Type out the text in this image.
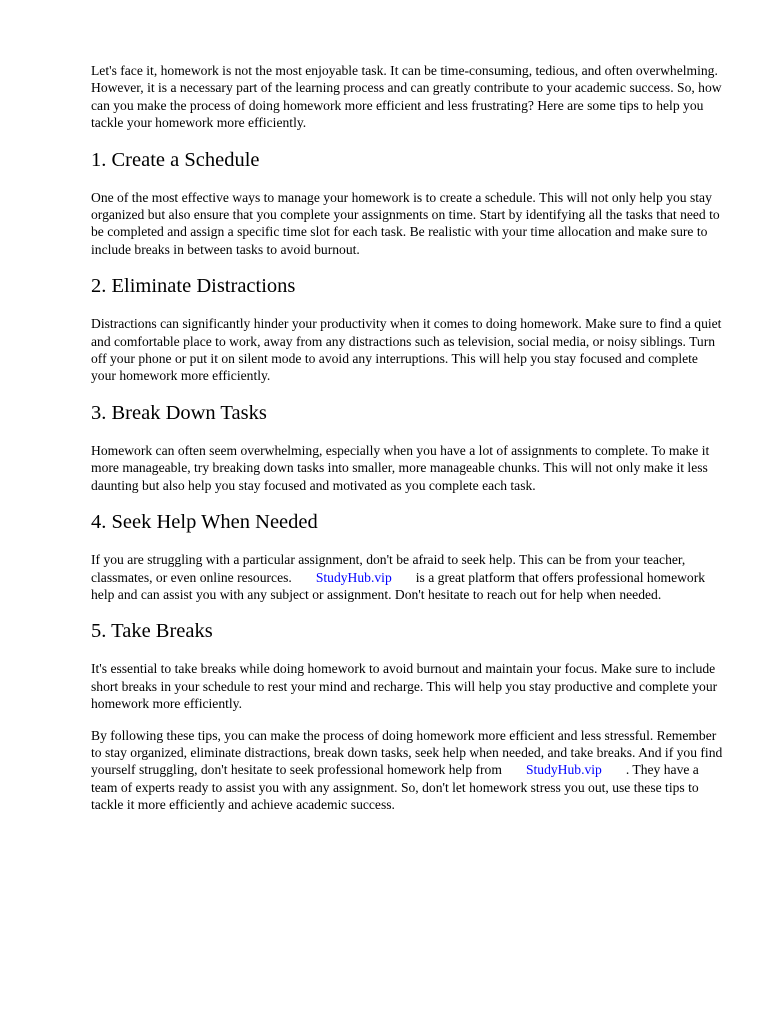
Let's face it, homework is not the most enjoyable task. It can be time-consuming, tedious, and often overwhelming. However, it is a necessary part of the learning process and can greatly contribute to your academic success. So, how can you make the process of doing homework more efficient and less frustrating? Here are some tips to help you tackle your homework more efficiently.

1. Create a Schedule

One of the most effective ways to manage your homework is to create a schedule. This will not only help you stay organized but also ensure that you complete your assignments on time. Start by identifying all the tasks that need to be completed and assign a specific time slot for each task. Be realistic with your time allocation and make sure to include breaks in between tasks to avoid burnout.

2. Eliminate Distractions

Distractions can significantly hinder your productivity when it comes to doing homework. Make sure to find a quiet and comfortable place to work, away from any distractions such as television, social media, or noisy siblings. Turn off your phone or put it on silent mode to avoid any interruptions. This will help you stay focused and complete your homework more efficiently.

3. Break Down Tasks

Homework can often seem overwhelming, especially when you have a lot of assignments to complete. To make it more manageable, try breaking down tasks into smaller, more manageable chunks. This will not only make it less daunting but also help you stay focused and motivated as you complete each task.

4. Seek Help When Needed

If you are struggling with a particular assignment, don't be afraid to seek help. This can be from your teacher, classmates, or even online resources. StudyHub.vip is a great platform that offers professional homework help and can assist you with any subject or assignment. Don't hesitate to reach out for help when needed.

5. Take Breaks

It's essential to take breaks while doing homework to avoid burnout and maintain your focus. Make sure to include short breaks in your schedule to rest your mind and recharge. This will help you stay productive and complete your homework more efficiently.

By following these tips, you can make the process of doing homework more efficient and less stressful. Remember to stay organized, eliminate distractions, break down tasks, seek help when needed, and take breaks. And if you find yourself struggling, don't hesitate to seek professional homework help from StudyHub.vip . They have a team of experts ready to assist you with any assignment. So, don't let homework stress you out, use these tips to tackle it more efficiently and achieve academic success.
